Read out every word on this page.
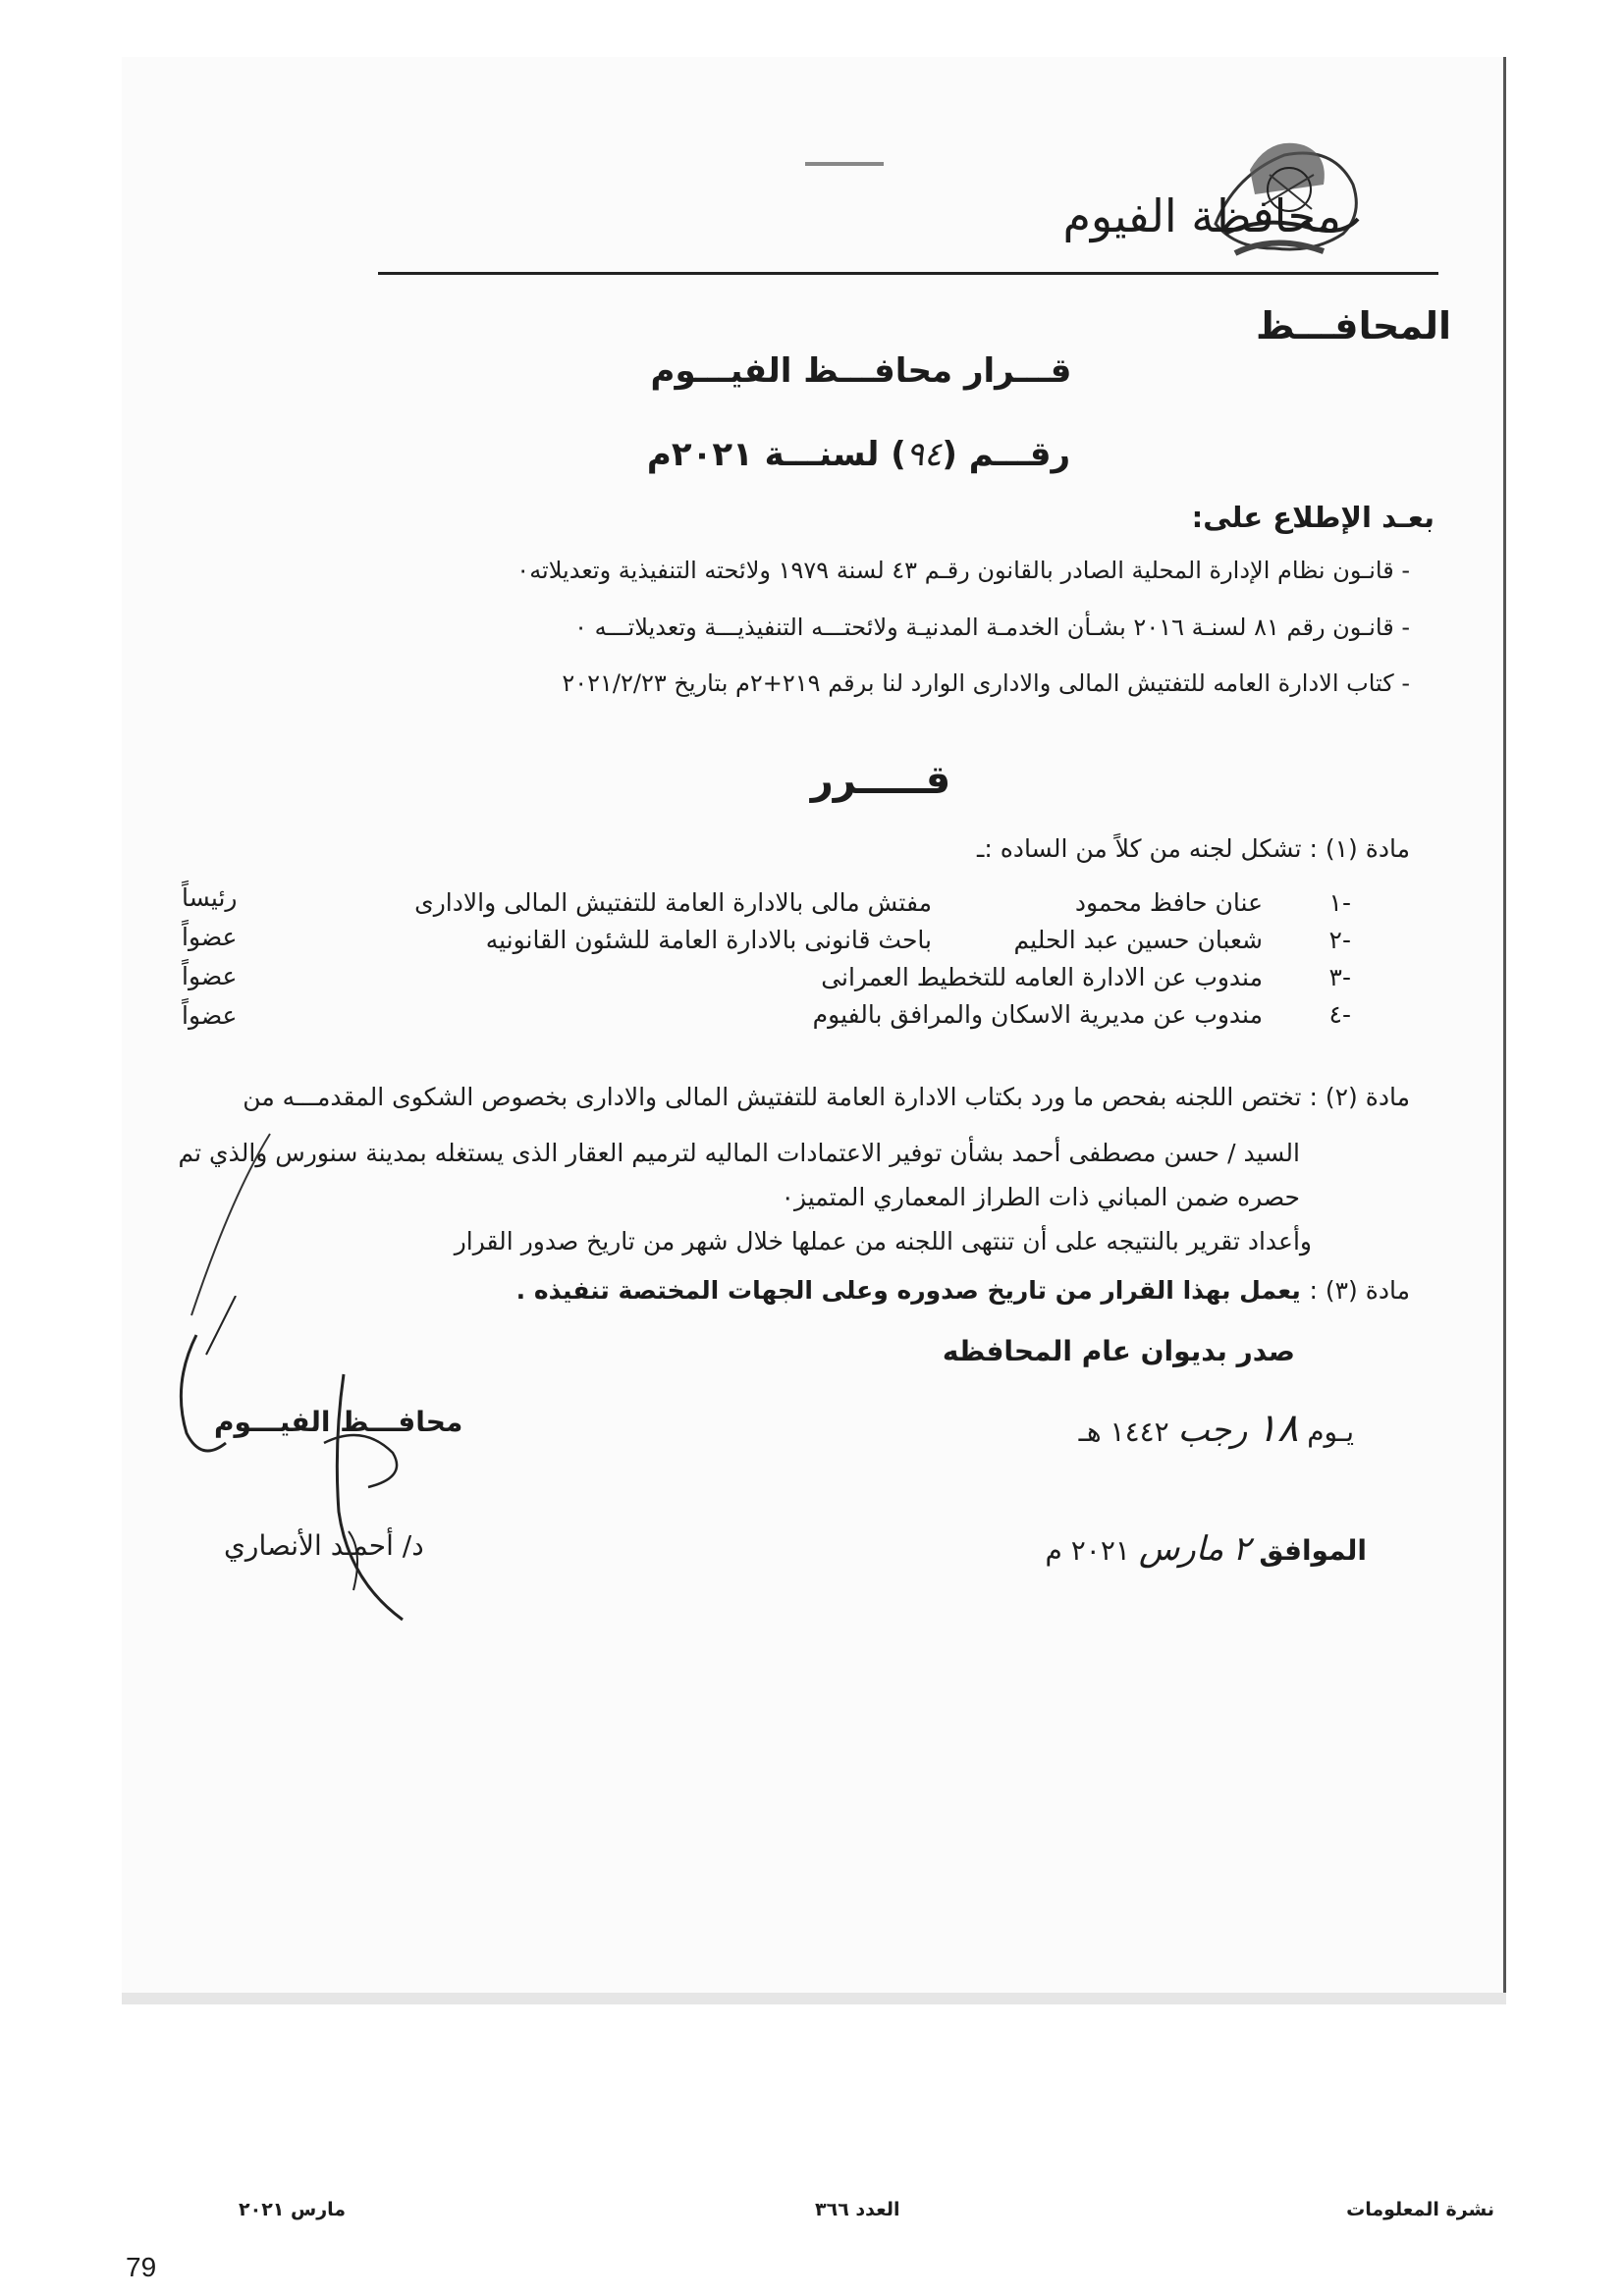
محافظة الفيوم
المحافـــظ
قـــرار محافـــظ الفيـــوم
رقـــم (٩٤) لسنـــة ٢٠٢١م
بعـد الإطلاع على:
- قانـون نظام الإدارة المحلية الصادر بالقانون رقـم ٤٣ لسنة ١٩٧٩ ولائحته التنفيذية وتعديلاته٠
- قانـون رقم ٨١ لسنـة ٢٠١٦ بشـأن الخدمـة المدنيـة ولائحتـــه التنفيذيـــة وتعديلاتـــه ٠
- كتاب الادارة العامه للتفتيش المالى والادارى الوارد لنا برقم ٢١٩+٢م بتاريخ ٢٠٢١/٢/٢٣
قـــــرر
مادة (١) : تشكل لجنه من كلاً من الساده :ـ
١-
عنان حافظ محمود
مفتش مالى بالادارة العامة للتفتيش المالى والادارى
رئيساً
٢-
شعبان حسين عبد الحليم
باحث قانونى بالادارة العامة للشئون القانونيه
عضواً
٣-
مندوب عن الادارة العامه للتخطيط العمرانى
عضواً
٤-
مندوب عن مديرية الاسكان والمرافق بالفيوم
عضواً
مادة (٢) : تختص اللجنه بفحص ما ورد بكتاب الادارة العامة للتفتيش المالى والادارى بخصوص الشكوى المقدمـــه من
السيد / حسن مصطفى أحمد بشأن توفير الاعتمادات الماليه لترميم العقار الذى يستغله بمدينة سنورس والذي تم
حصره ضمن المباني ذات الطراز المعماري المتميز٠
وأعداد تقرير بالنتيجه على أن تنتهى اللجنه من عملها خلال شهر من تاريخ صدور القرار
مادة (٣) : يعمل بهذا القرار من تاريخ صدوره وعلى الجهات المختصة تنفيذه .
صدر بديوان عام المحافظه
يـوم ١٨ رجب ١٤٤٢ هـ
الموافق ٢ مارس ٢٠٢١ م
محافـــظ الفيـــوم
د/ أحمـد الأنصاري
نشرة المعلومات
العدد ٣٦٦
مارس ٢٠٢١
79
